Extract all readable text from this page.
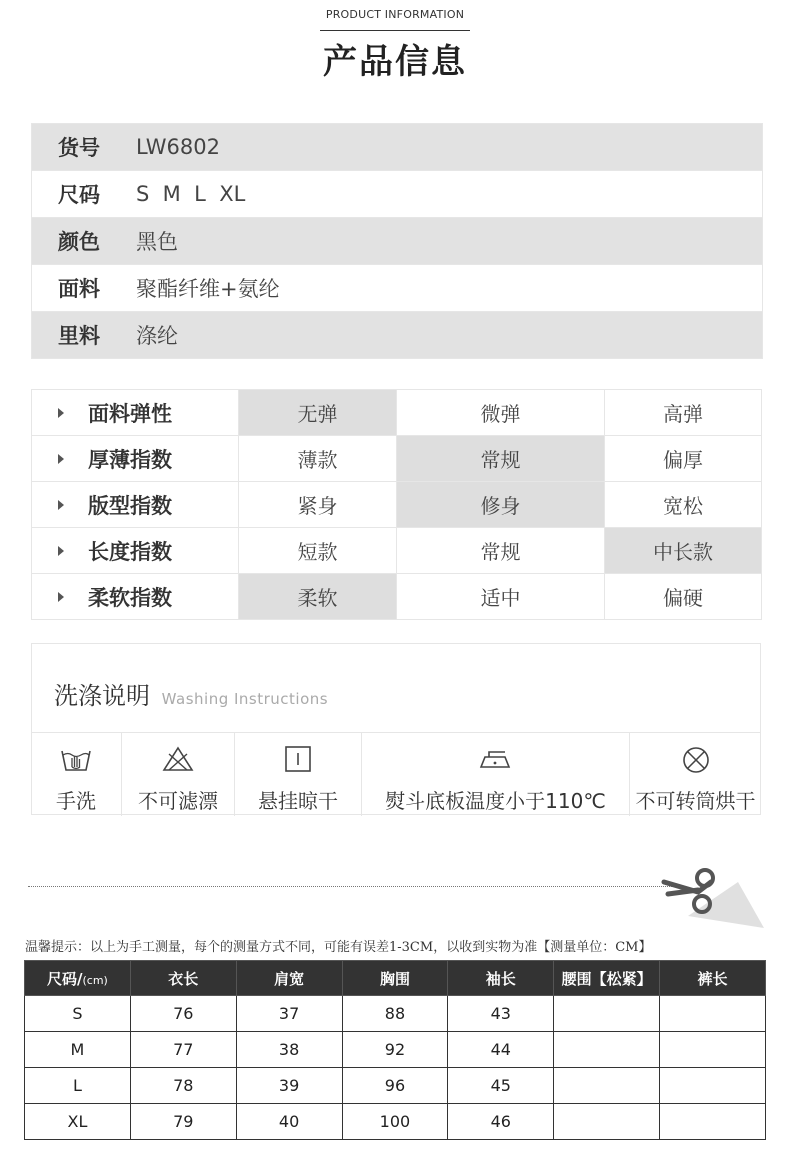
PRODUCT INFORMATION
产品信息
货号	LW6802
尺码	S  M  L  XL
颜色	黑色
面料	聚酯纤维+氨纶
里料	涤纶
面料弹性	无弹	微弹	高弹
厚薄指数	薄款	常规	偏厚
版型指数	紧身	修身	宽松
长度指数	短款	常规	中长款
柔软指数	柔软	适中	偏硬
洗涤说明 Washing Instructions
手洗	不可滤漂	悬挂晾干	熨斗底板温度小于110℃	不可转筒烘干
温馨提示：以上为手工测量，每个的测量方式不同，可能有误差1-3CM，以收到实物为准【测量单位：CM】
尺码/(cm)	衣长	肩宽	胸围	袖长	腰围【松紧】	裤长
S	76	37	88	43		
M	77	38	92	44		
L	78	39	96	45		
XL	79	40	100	46		
